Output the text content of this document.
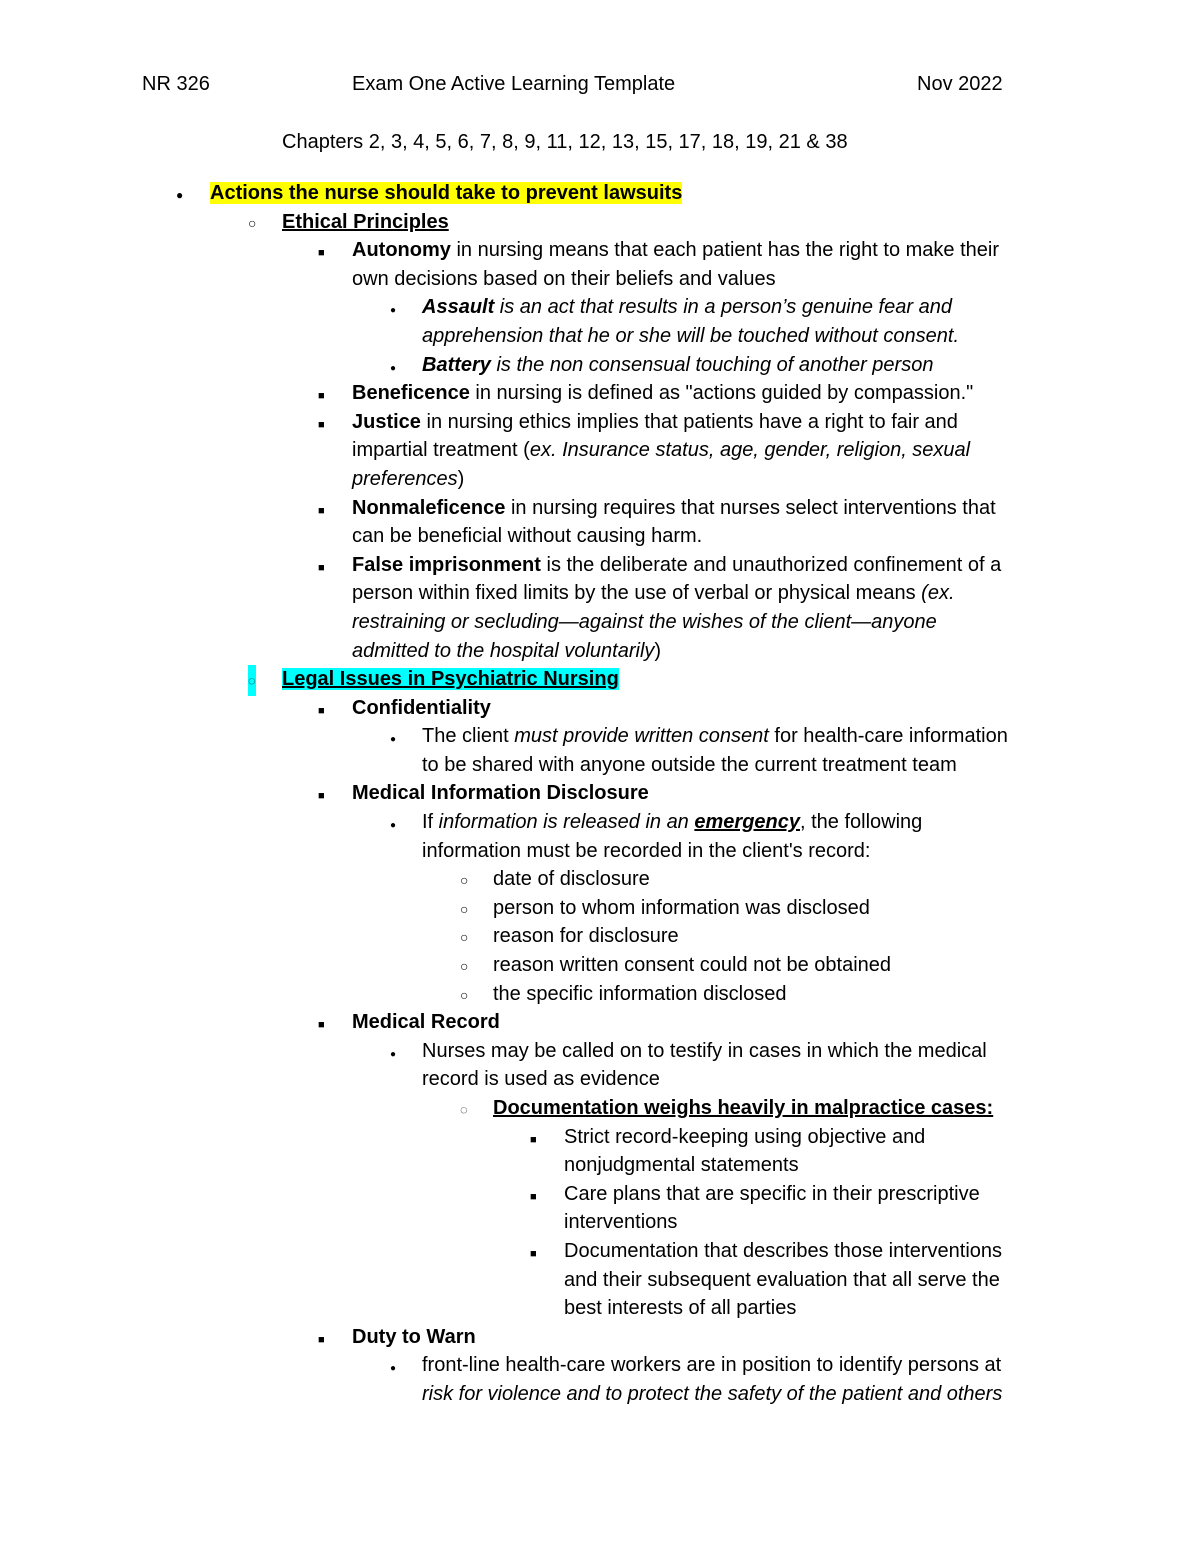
NR 326	Exam One Active Learning Template	Nov 2022
Chapters 2, 3, 4, 5, 6, 7, 8, 9, 11, 12, 13, 15, 17, 18, 19, 21 & 38
●
Actions the nurse should take to prevent lawsuits
○
Ethical Principles
■
Autonomy in nursing means that each patient has the right to make their
own decisions based on their beliefs and values
●
Assault is an act that results in a person’s genuine fear and
apprehension that he or she will be touched without consent.
●
Battery is the non consensual touching of another person
■
Beneficence in nursing is defined as "actions guided by compassion."
■
Justice in nursing ethics implies that patients have a right to fair and
impartial treatment (ex. Insurance status, age, gender, religion, sexual
preferences)
■
Nonmaleficence in nursing requires that nurses select interventions that
can be beneficial without causing harm.
■
False imprisonment is the deliberate and unauthorized confinement of a
person within fixed limits by the use of verbal or physical means (ex.
restraining or secluding—against the wishes of the client—anyone
admitted to the hospital voluntarily)
◌
Legal Issues in Psychiatric Nursing
■
Confidentiality
●
The client must provide written consent for health-care information
to be shared with anyone outside the current treatment team
■
Medical Information Disclosure
●
If information is released in an emergency, the following
information must be recorded in the client's record:
○
date of disclosure
○
person to whom information was disclosed
○
reason for disclosure
○
reason written consent could not be obtained
○
the specific information disclosed
■
Medical Record
●
Nurses may be called on to testify in cases in which the medical
record is used as evidence
◌
Documentation weighs heavily in malpractice cases:
■
Strict record-keeping using objective and
nonjudgmental statements
■
Care plans that are specific in their prescriptive
interventions
■
Documentation that describes those interventions
and their subsequent evaluation that all serve the
best interests of all parties
■
Duty to Warn
●
front-line health-care workers are in position to identify persons at
risk for violence and to protect the safety of the patient and others
